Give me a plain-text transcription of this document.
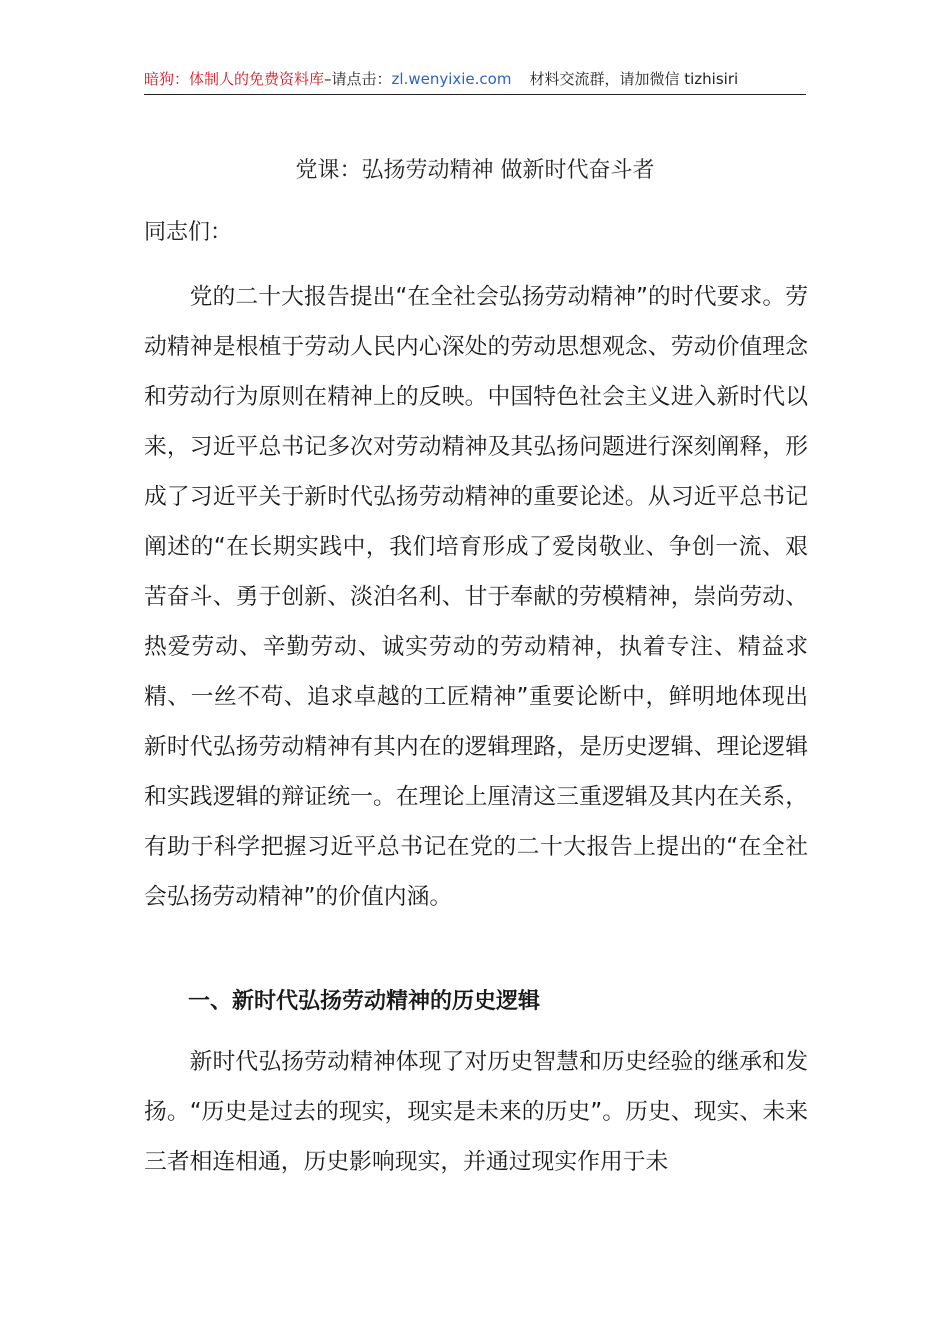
暗狗：体制人的免费资料库–请点击：zl.wenyixie.com 材料交流群，请加微信 tizhisiri
党课：弘扬劳动精神 做新时代奋斗者
同志们：

党的二十大报告提出“在全社会弘扬劳动精神”的时代要求。劳动精神是根植于劳动人民内心深处的劳动思想观念、劳动价值理念和劳动行为原则在精神上的反映。中国特色社会主义进入新时代以来，习近平总书记多次对劳动精神及其弘扬问题进行深刻阐释，形成了习近平关于新时代弘扬劳动精神的重要论述。从习近平总书记阐述的“在长期实践中，我们培育形成了爱岗敬业、争创一流、艰苦奋斗、勇于创新、淡泊名利、甘于奉献的劳模精神，崇尚劳动、热爱劳动、辛勤劳动、诚实劳动的劳动精神，执着专注、精益求精、一丝不苟、追求卓越的工匠精神”重要论断中，鲜明地体现出新时代弘扬劳动精神有其内在的逻辑理路，是历史逻辑、理论逻辑和实践逻辑的辩证统一。在理论上厘清这三重逻辑及其内在关系，有助于科学把握习近平总书记在党的二十大报告上提出的“在全社会弘扬劳动精神”的价值内涵。

一、新时代弘扬劳动精神的历史逻辑

新时代弘扬劳动精神体现了对历史智慧和历史经验的继承和发扬。“历史是过去的现实，现实是未来的历史”。历史、现实、未来三者相连相通，历史影响现实，并通过现实作用于未
